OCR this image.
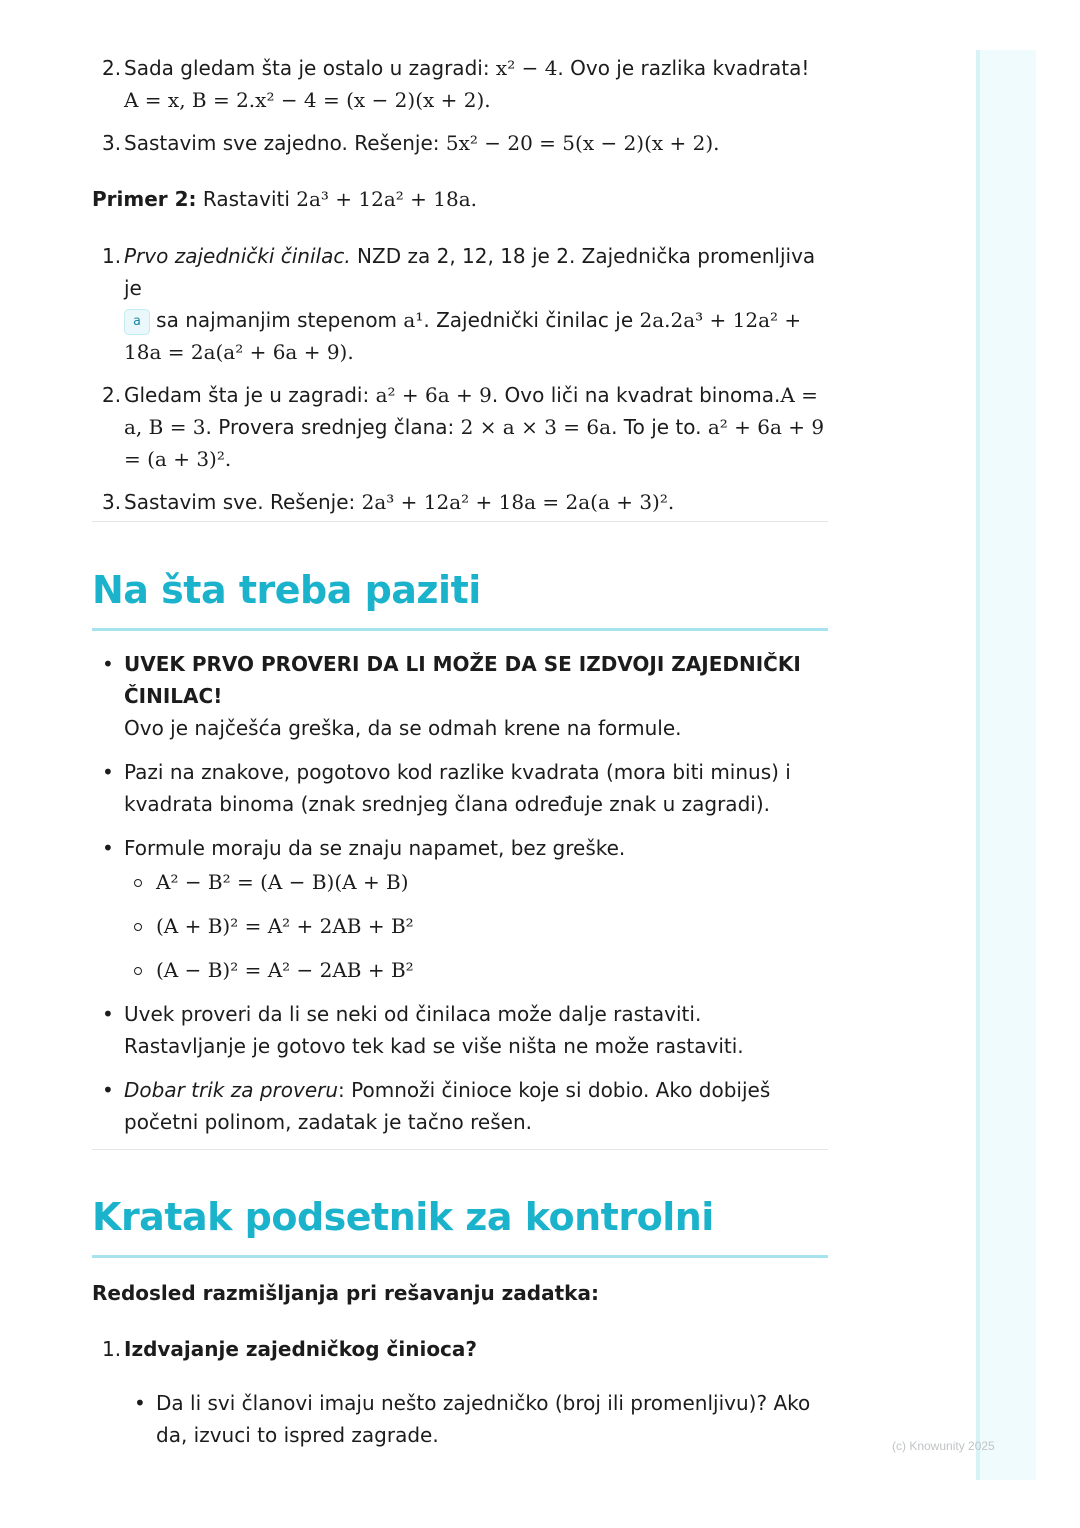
(c) Knowunity 2025
2. Sada gledam šta je ostalo u zagradi: x² − 4. Ovo je razlika kvadrata!
A = x, B = 2.x² − 4 = (x − 2)(x + 2).
3. Sastavim sve zajedno. Rešenje: 5x² − 20 = 5(x − 2)(x + 2).
Primer 2: Rastaviti 2a³ + 12a² + 18a.
1. Prvo zajednički činilac. NZD za 2, 12, 18 je 2. Zajednička promenljiva je
a sa najmanjim stepenom a¹. Zajednički činilac je 2a.2a³ + 12a² + 18a = 2a(a² + 6a + 9).
2. Gledam šta je u zagradi: a² + 6a + 9. Ovo liči na kvadrat binoma.A = a, B = 3. Provera srednjeg člana: 2 × a × 3 = 6a. To je to. a² + 6a + 9 = (a + 3)².
3. Sastavim sve. Rešenje: 2a³ + 12a² + 18a = 2a(a + 3)².
Na šta treba paziti
• UVEK PRVO PROVERI DA LI MOŽE DA SE IZDVOJI ZAJEDNIČKI ČINILAC!
Ovo je najčešća greška, da se odmah krene na formule.
• Pazi na znakove, pogotovo kod razlike kvadrata (mora biti minus) i kvadrata binoma (znak srednjeg člana određuje znak u zagradi).
• Formule moraju da se znaju napamet, bez greške.
A² − B² = (A − B)(A + B)
(A + B)² = A² + 2AB + B²
(A − B)² = A² − 2AB + B²
• Uvek proveri da li se neki od činilaca može dalje rastaviti. Rastavljanje je gotovo tek kad se više ništa ne može rastaviti.
• Dobar trik za proveru: Pomnoži činioce koje si dobio. Ako dobiješ početni polinom, zadatak je tačno rešen.
Kratak podsetnik za kontrolni
Redosled razmišljanja pri rešavanju zadatka:
1. Izdvajanje zajedničkog činioca?
• Da li svi članovi imaju nešto zajedničko (broj ili promenljivu)? Ako da, izvuci to ispred zagrade.
